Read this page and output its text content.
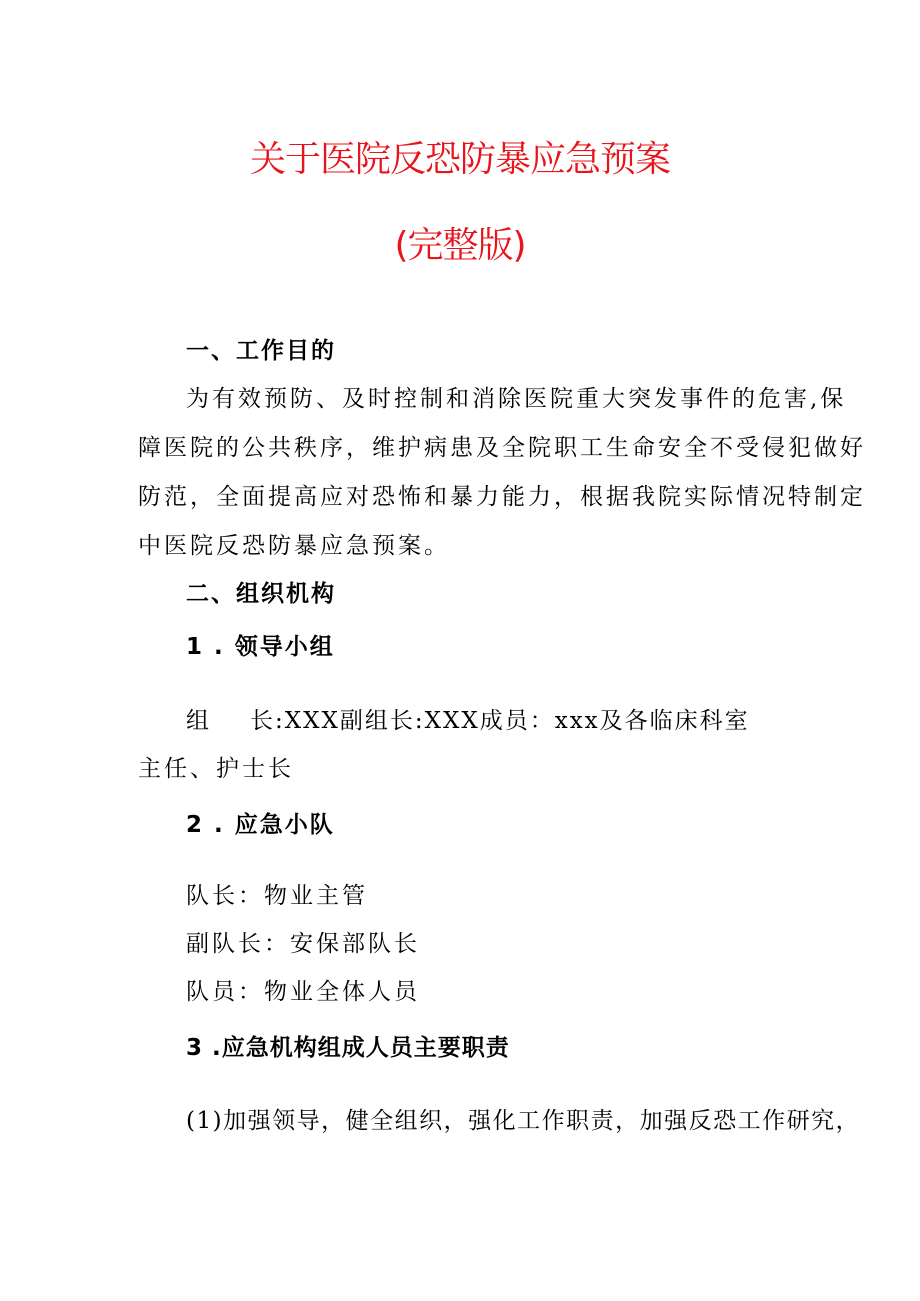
关于医院反恐防暴应急预案
(完整版)
一、工作目的
为有效预防、及时控制和消除医院重大突发事件的危害,保
障医院的公共秩序，维护病患及全院职工生命安全不受侵犯做好
防范，全面提高应对恐怖和暴力能力，根据我院实际情况特制定
中医院反恐防暴应急预案。
二、组织机构
1 . 领导小组
组 长:XXX副组长:XXX成员：xxx及各临床科室
主任、护士长
2 . 应急小队
队长：物业主管
副队长：安保部队长
队员：物业全体人员
3 .应急机构组成人员主要职责
(1)加强领导，健全组织，强化工作职责，加强反恐工作研究，
